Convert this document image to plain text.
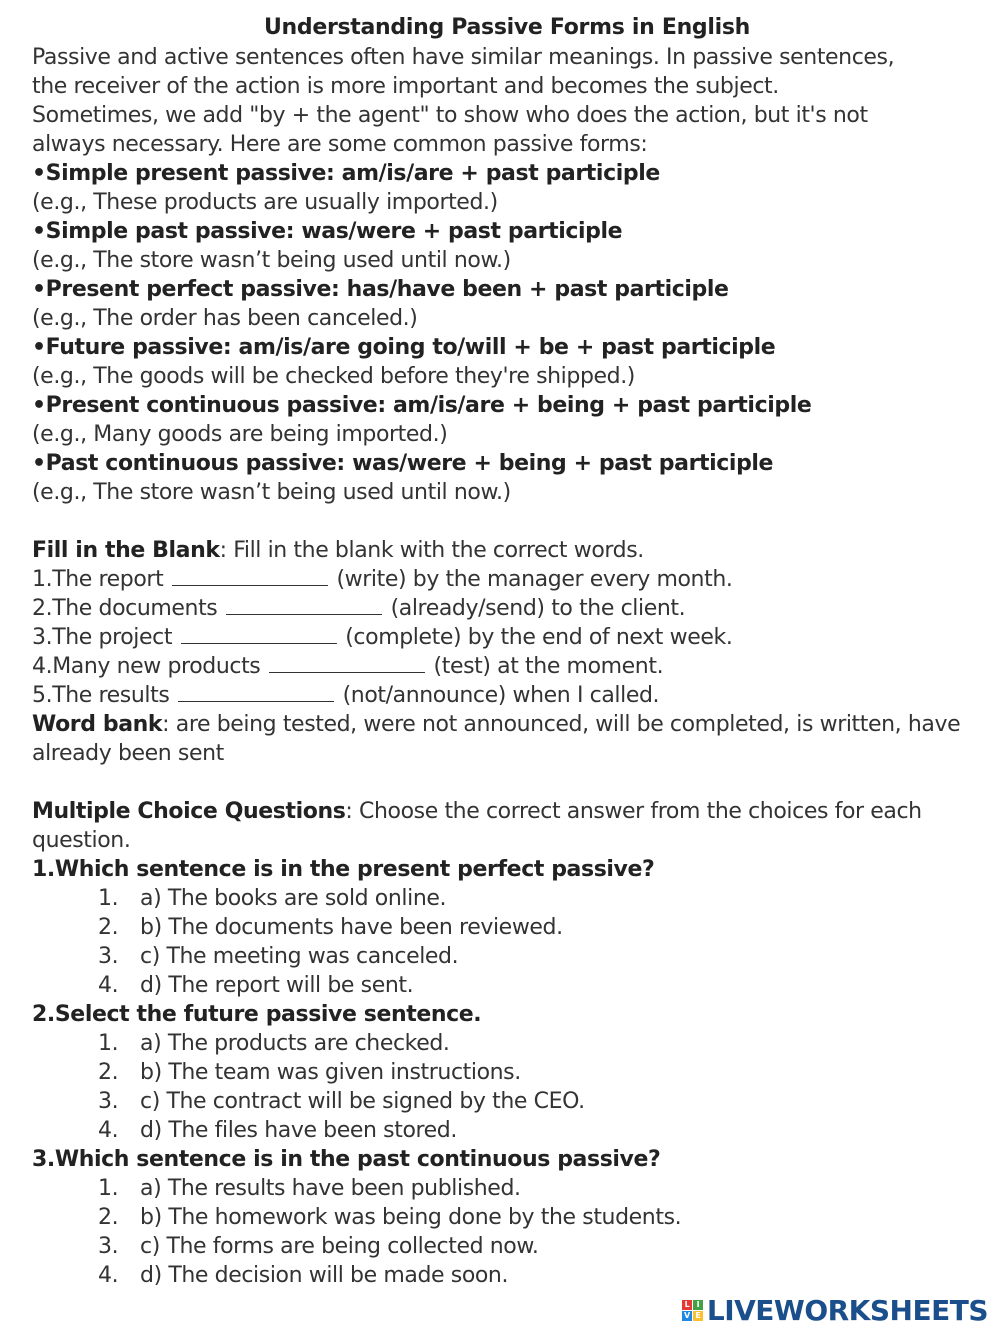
Understanding Passive Forms in English
Passive and active sentences often have similar meanings. In passive sentences,
the receiver of the action is more important and becomes the subject.
Sometimes, we add "by + the agent" to show who does the action, but it's not
always necessary. Here are some common passive forms:
•Simple present passive: am/is/are + past participle
(e.g., These products are usually imported.)
•Simple past passive: was/were + past participle
(e.g., The store wasn’t being used until now.)
•Present perfect passive: has/have been + past participle
(e.g., The order has been canceled.)
•Future passive: am/is/are going to/will + be + past participle
(e.g., The goods will be checked before they're shipped.)
•Present continuous passive: am/is/are + being + past participle
(e.g., Many goods are being imported.)
•Past continuous passive: was/were + being + past participle
(e.g., The store wasn’t being used until now.)
Fill in the Blank: Fill in the blank with the correct words.
1.The report	(write) by the manager every month.
2.The documents	(already/send) to the client.
3.The project	(complete) by the end of next week.
4.Many new products	(test) at the moment.
5.The results	(not/announce) when I called.
Word bank: are being tested, were not announced, will be completed, is written, have already been sent
Multiple Choice Questions: Choose the correct answer from the choices for each question.
1.Which sentence is in the present perfect passive?
1. a) The books are sold online.
2. b) The documents have been reviewed.
3. c) The meeting was canceled.
4. d) The report will be sent.
2.Select the future passive sentence.
1. a) The products are checked.
2. b) The team was given instructions.
3. c) The contract will be signed by the CEO.
4. d) The files have been stored.
3.Which sentence is in the past continuous passive?
1. a) The results have been published.
2. b) The homework was being done by the students.
3. c) The forms are being collected now.
4. d) The decision will be made soon.
L I
V E LIVEWORKSHEETS
